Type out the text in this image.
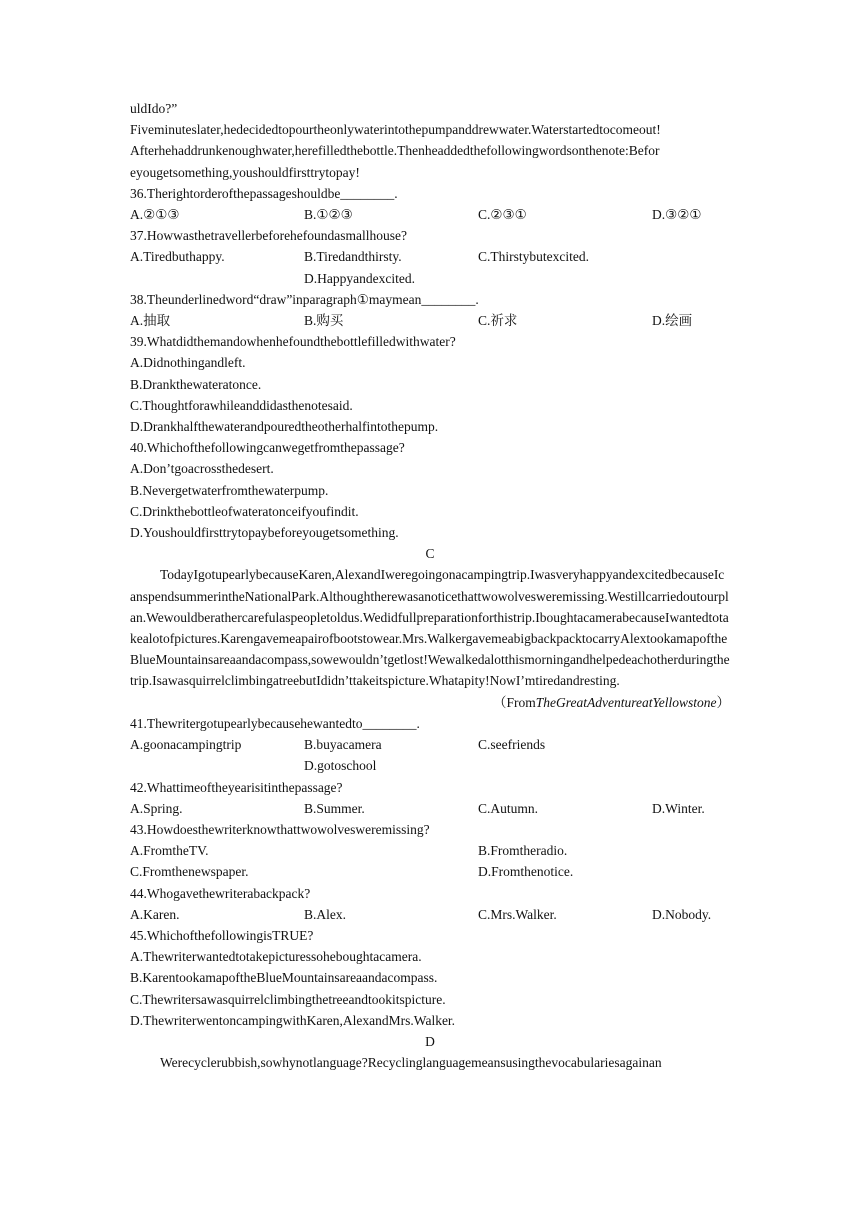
uldIdo?”
Fiveminuteslater,hedecidedtopourtheonlywaterintothepumpanddrewwater.Waterstartedtocomeout!
Afterhehaddrunkenoughwater,herefilledthebottle.Thenheaddedthefollowingwordsonthenote:Befor
eyougetsomething,youshouldfirsttrytopay!
36.Therightorderofthepassageshouldbe________.
A.②①③	B.①②③	C.②③①	D.③②①
37.Howwasthetravellerbeforehefoundasmallhouse?
A.Tiredbuthappy.	B.Tiredandthirsty.	C.Thirstybutexcited.
D.Happyandexcited.
38.Theunderlinedword“draw”inparagraph①maymean________.
A.抽取	B.购买	C.祈求	D.绘画
39.Whatdidthemandowhenhefoundthebottlefilledwithwater?
A.Didnothingandleft.
B.Drankthewateratonce.
C.Thoughtforawhileanddidasthenotesaid.
D.Drankhalfthewaterandpouredtheotherhalfintothepump.
40.Whichofthefollowingcanwegetfromthepassage?
A.Don’tgoacrossthedesert.
B.Nevergetwaterfromthewaterpump.
C.Drinkthebottleofwateratonceifyoufindit.
D.Youshouldfirsttrytopaybeforeyougetsomething.
C
TodayIgotupearlybecauseKaren,AlexandIweregoingonacampingtrip.IwasveryhappyandexcitedbecauseIcanspendsummerintheNationalPark.Althoughtherewasanoticethattwowolvesweremissing.Westillcarriedoutourplan.Wewouldberathercarefulaspeopletoldus.Wedidfullpreparationforthistrip.IboughtacamerabecauseIwantedtotakealotofpictures.Karengavemeapairofbootstowear.Mrs.WalkergavemeabigbackpacktocarryAlextookamapoftheBlueMountainsareaandacompass,sowewouldn’tgetlost!Wewalkedalotthismorningandhelpedeachotherduringthetrip.IsawasquirrelclimbingatreebutIdidn’ttakeitspicture.Whatapity!NowI’mtiredandresting.
（FromTheGreatAdventureatYellowstone）
41.Thewritergotupearlybecausehewantedto________.
A.goonacampingtrip	B.buyacamera	C.seefriends
D.gotoschool
42.Whattimeoftheyearisitinthepassage?
A.Spring.	B.Summer.	C.Autumn.	D.Winter.
43.Howdoesthewriterknowthattwowolvesweremissing?
A.FromtheTV.	B.Fromtheradio.
C.Fromthenewspaper.	D.Fromthenotice.
44.Whogavethewriterabackpack?
A.Karen.	B.Alex.	C.Mrs.Walker.	D.Nobody.
45.WhichofthefollowingisTRUE?
A.Thewriterwantedtotakepicturessoheboughtacamera.
B.KarentookamapoftheBlueMountainsareaandacompass.
C.Thewritersawasquirrelclimbingthetreeandtookitspicture.
D.ThewriterwentoncampingwithKaren,AlexandMrs.Walker.
D
Werecyclerubbish,sowhynotlanguage?Recyclinglanguagemeansusingthevocabulariesagainan
